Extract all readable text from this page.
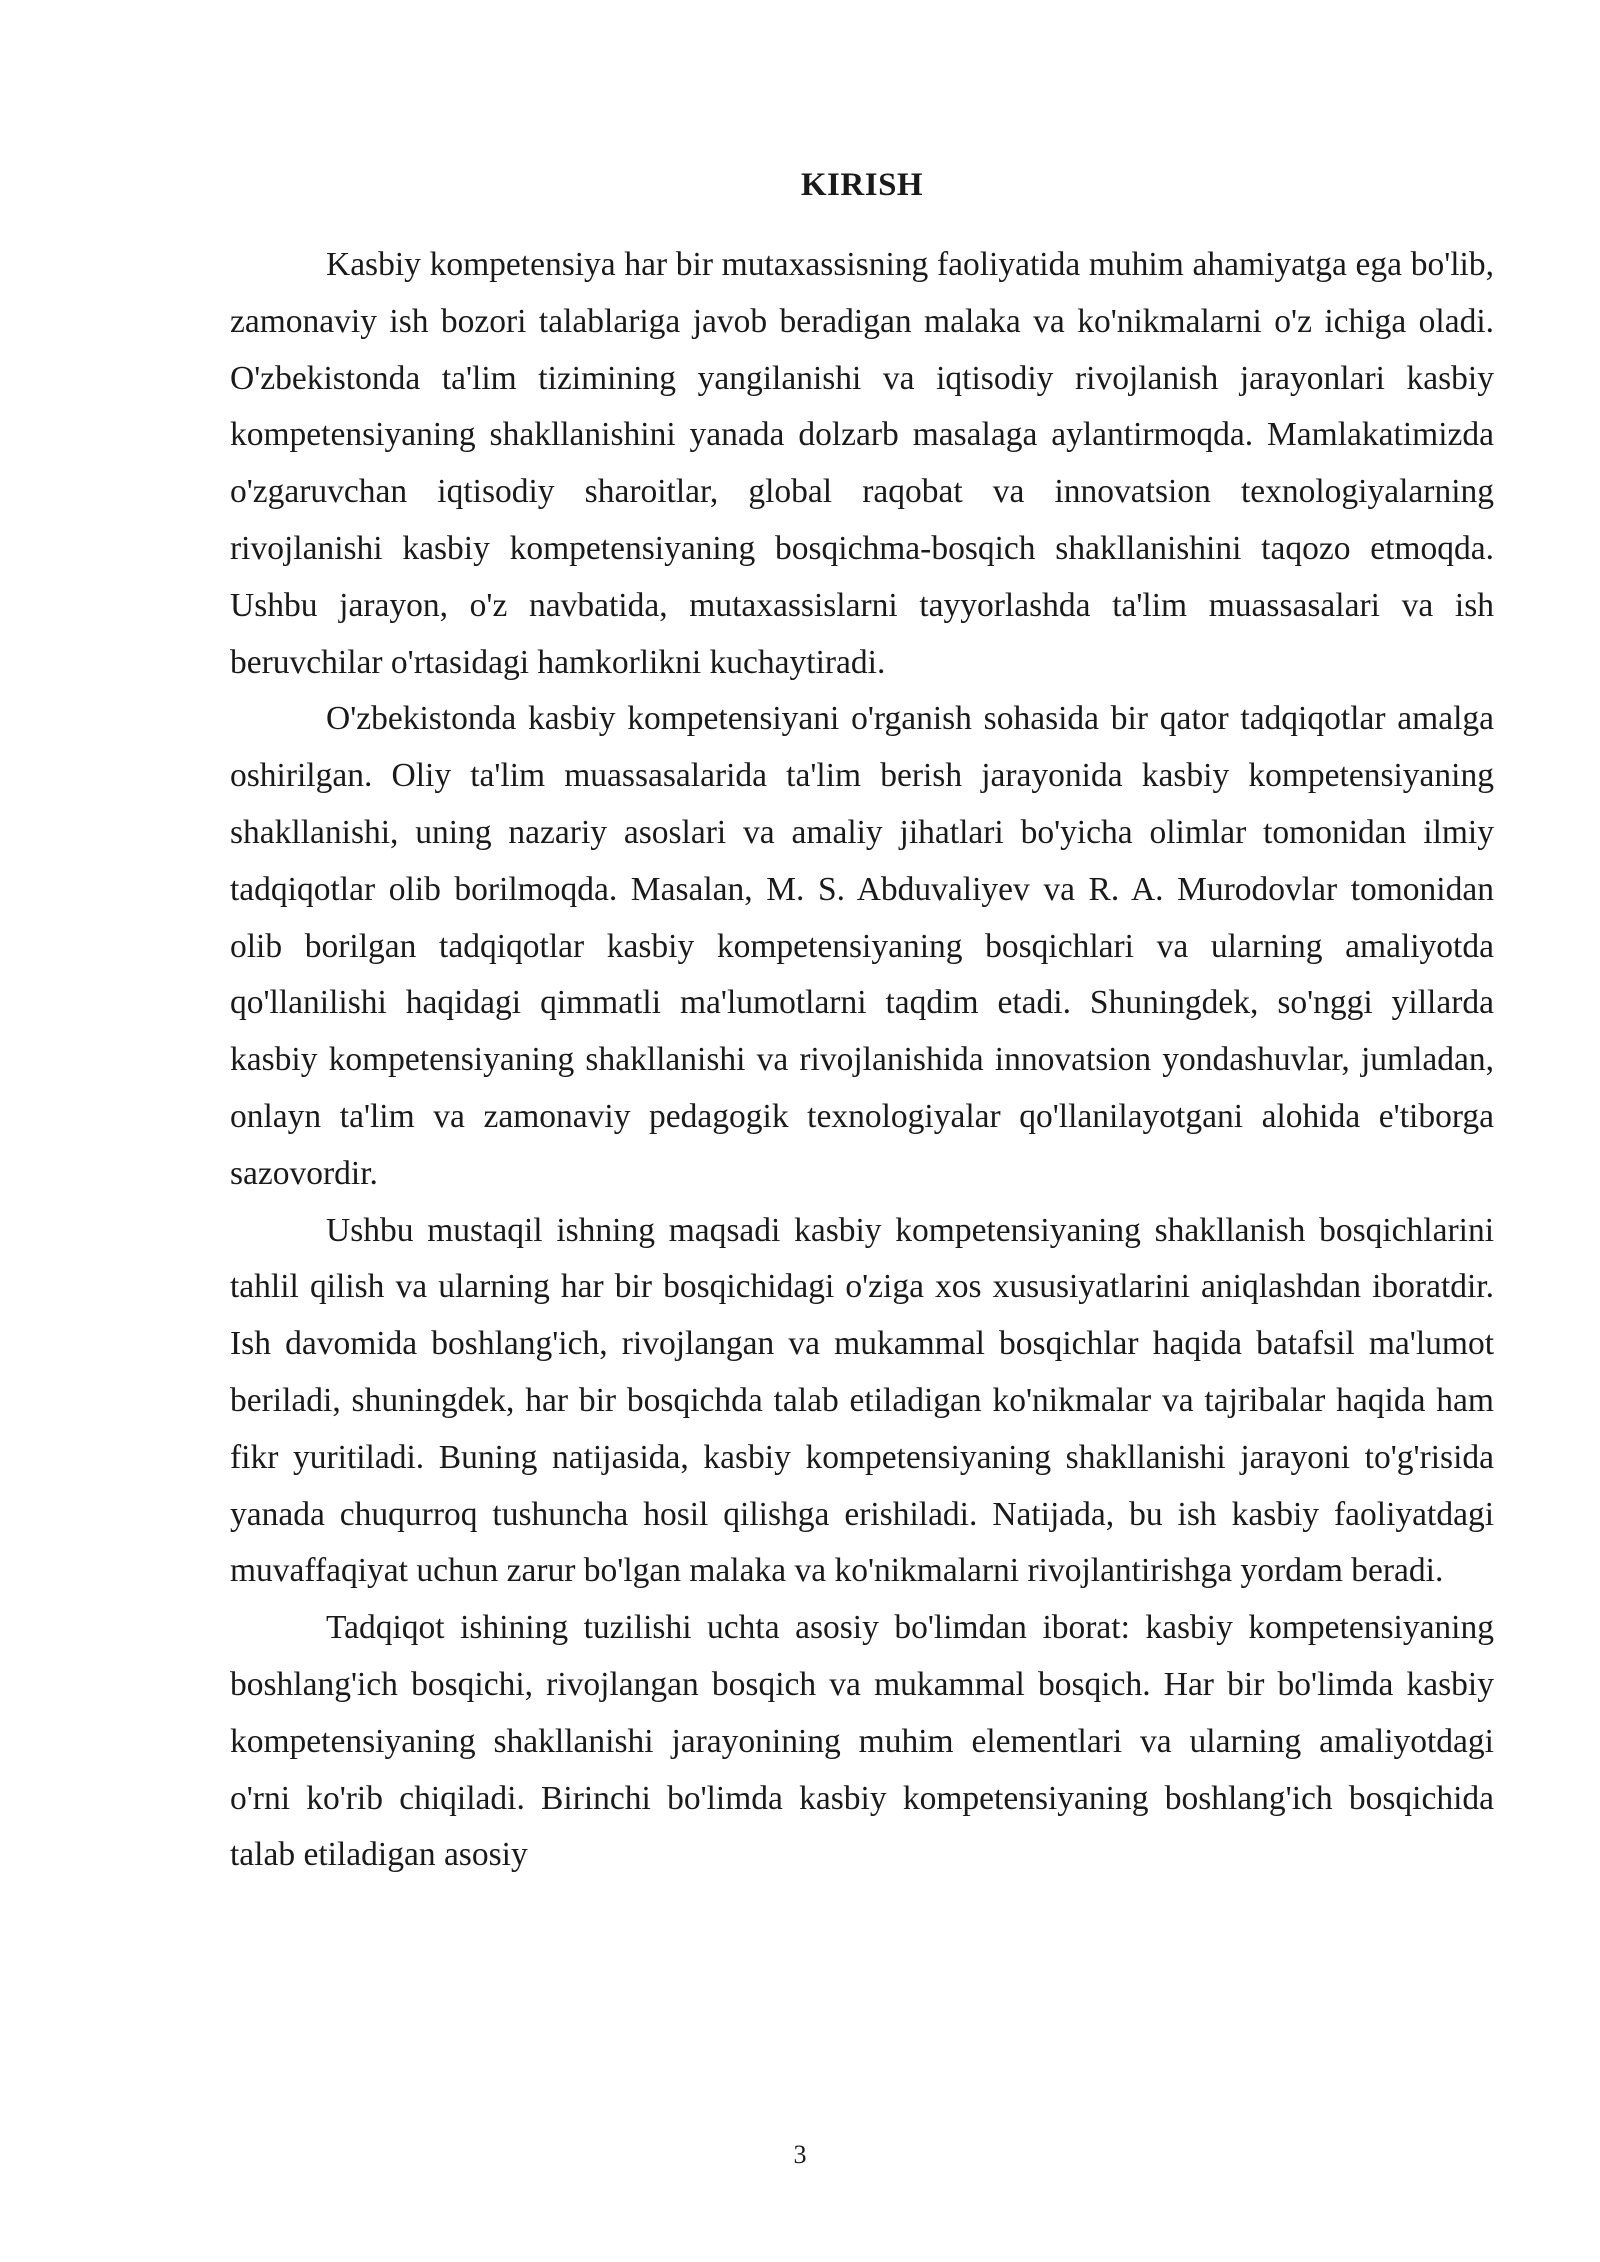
KIRISH

Kasbiy kompetensiya har bir mutaxassisning faoliyatida muhim ahamiyatga ega bo'lib, zamonaviy ish bozori talablariga javob beradigan malaka va ko'nikmalarni o'z ichiga oladi. O'zbekistonda ta'lim tizimining yangilanishi va iqtisodiy rivojlanish jarayonlari kasbiy kompetensiyaning shakllanishini yanada dolzarb masalaga aylantirmoqda. Mamlakatimizda o'zgaruvchan iqtisodiy sharoitlar, global raqobat va innovatsion texnologiyalarning rivojlanishi kasbiy kompetensiyaning bosqichma-bosqich shakllanishini taqozo etmoqda. Ushbu jarayon, o'z navbatida, mutaxassislarni tayyorlashda ta'lim muassasalari va ish beruvchilar o'rtasidagi hamkorlikni kuchaytiradi.

O'zbekistonda kasbiy kompetensiyani o'rganish sohasida bir qator tadqiqotlar amalga oshirilgan. Oliy ta'lim muassasalarida ta'lim berish jarayonida kasbiy kompetensiyaning shakllanishi, uning nazariy asoslari va amaliy jihatlari bo'yicha olimlar tomonidan ilmiy tadqiqotlar olib borilmoqda. Masalan, M. S. Abduvaliyev va R. A. Murodovlar tomonidan olib borilgan tadqiqotlar kasbiy kompetensiyaning bosqichlari va ularning amaliyotda qo'llanilishi haqidagi qimmatli ma'lumotlarni taqdim etadi. Shuningdek, so'nggi yillarda kasbiy kompetensiyaning shakllanishi va rivojlanishida innovatsion yondashuvlar, jumladan, onlayn ta'lim va zamonaviy pedagogik texnologiyalar qo'llanilayotgani alohida e'tiborga sazovordir.

Ushbu mustaqil ishning maqsadi kasbiy kompetensiyaning shakllanish bosqichlarini tahlil qilish va ularning har bir bosqichidagi o'ziga xos xususiyatlarini aniqlashdan iboratdir. Ish davomida boshlang'ich, rivojlangan va mukammal bosqichlar haqida batafsil ma'lumot beriladi, shuningdek, har bir bosqichda talab etiladigan ko'nikmalar va tajribalar haqida ham fikr yuritiladi. Buning natijasida, kasbiy kompetensiyaning shakllanishi jarayoni to'g'risida yanada chuqurroq tushuncha hosil qilishga erishiladi. Natijada, bu ish kasbiy faoliyatdagi muvaffaqiyat uchun zarur bo'lgan malaka va ko'nikmalarni rivojlantirishga yordam beradi.

Tadqiqot ishining tuzilishi uchta asosiy bo'limdan iborat: kasbiy kompetensiyaning boshlang'ich bosqichi, rivojlangan bosqich va mukammal bosqich. Har bir bo'limda kasbiy kompetensiyaning shakllanishi jarayonining muhim elementlari va ularning amaliyotdagi o'rni ko'rib chiqiladi. Birinchi bo'limda kasbiy kompetensiyaning boshlang'ich bosqichida talab etiladigan asosiy

3
